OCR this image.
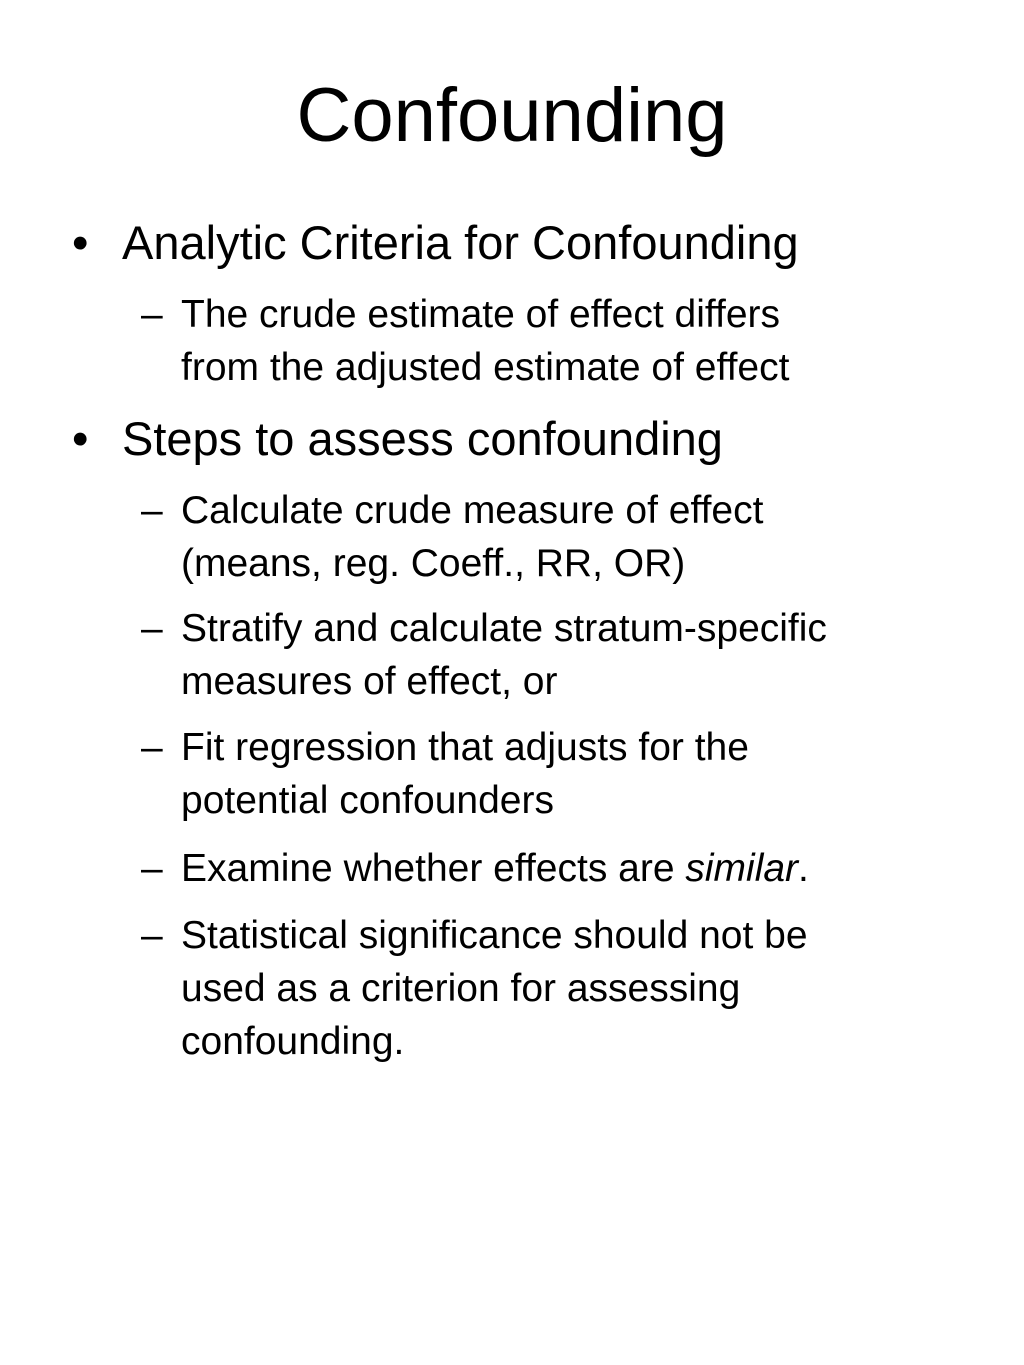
Confounding
• Analytic Criteria for Confounding
– The crude estimate of effect differs
from the adjusted estimate of effect
• Steps to assess confounding
– Calculate crude measure of effect
(means, reg. Coeff., RR, OR)
– Stratify and calculate stratum-specific
measures of effect, or
– Fit regression that adjusts for the
potential confounders
– Examine whether effects are similar.
– Statistical significance should not be
used as a criterion for assessing
confounding.
